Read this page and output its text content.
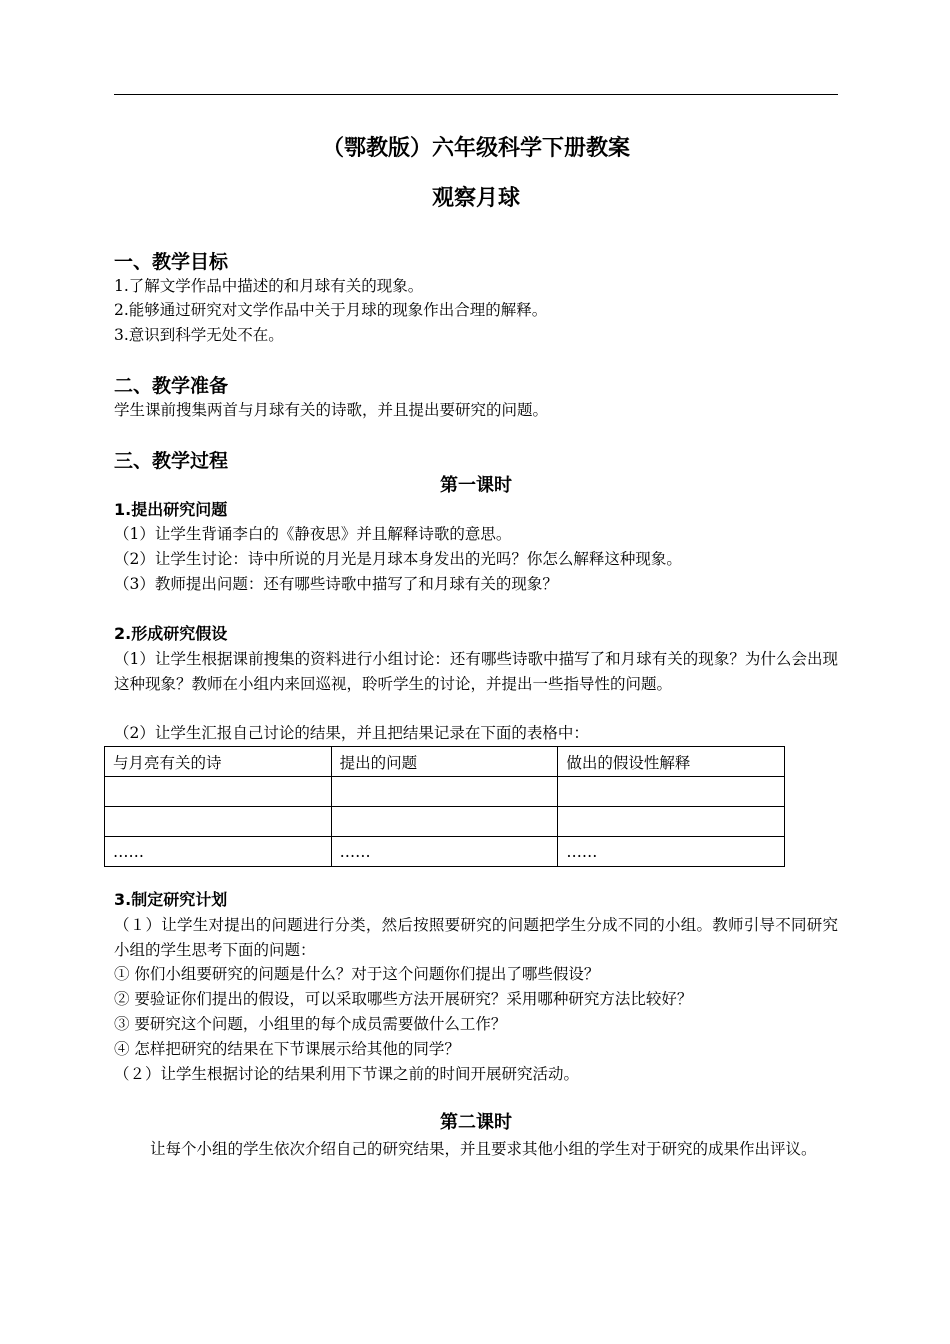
（鄂教版）六年级科学下册教案
观察月球
一、教学目标
1.了解文学作品中描述的和月球有关的现象。
2.能够通过研究对文学作品中关于月球的现象作出合理的解释。
3.意识到科学无处不在。
二、教学准备
学生课前搜集两首与月球有关的诗歌，并且提出要研究的问题。
三、教学过程
第一课时
1.提出研究问题
（1）让学生背诵李白的《静夜思》并且解释诗歌的意思。
（2）让学生讨论：诗中所说的月光是月球本身发出的光吗？你怎么解释这种现象。
（3）教师提出问题：还有哪些诗歌中描写了和月球有关的现象？
2.形成研究假设
（1）让学生根据课前搜集的资料进行小组讨论：还有哪些诗歌中描写了和月球有关的现象？为什么会出现这种现象？教师在小组内来回巡视，聆听学生的讨论，并提出一些指导性的问题。
（2）让学生汇报自己讨论的结果，并且把结果记录在下面的表格中：
与月亮有关的诗	提出的问题	做出的假设性解释

……	……	……
3.制定研究计划
（１）让学生对提出的问题进行分类，然后按照要研究的问题把学生分成不同的小组。教师引导不同研究小组的学生思考下面的问题：
① 你们小组要研究的问题是什么？对于这个问题你们提出了哪些假设？
② 要验证你们提出的假设，可以采取哪些方法开展研究？采用哪种研究方法比较好？
③ 要研究这个问题，小组里的每个成员需要做什么工作？
④ 怎样把研究的结果在下节课展示给其他的同学？
（２）让学生根据讨论的结果利用下节课之前的时间开展研究活动。
第二课时
让每个小组的学生依次介绍自己的研究结果，并且要求其他小组的学生对于研究的成果作出评议。
